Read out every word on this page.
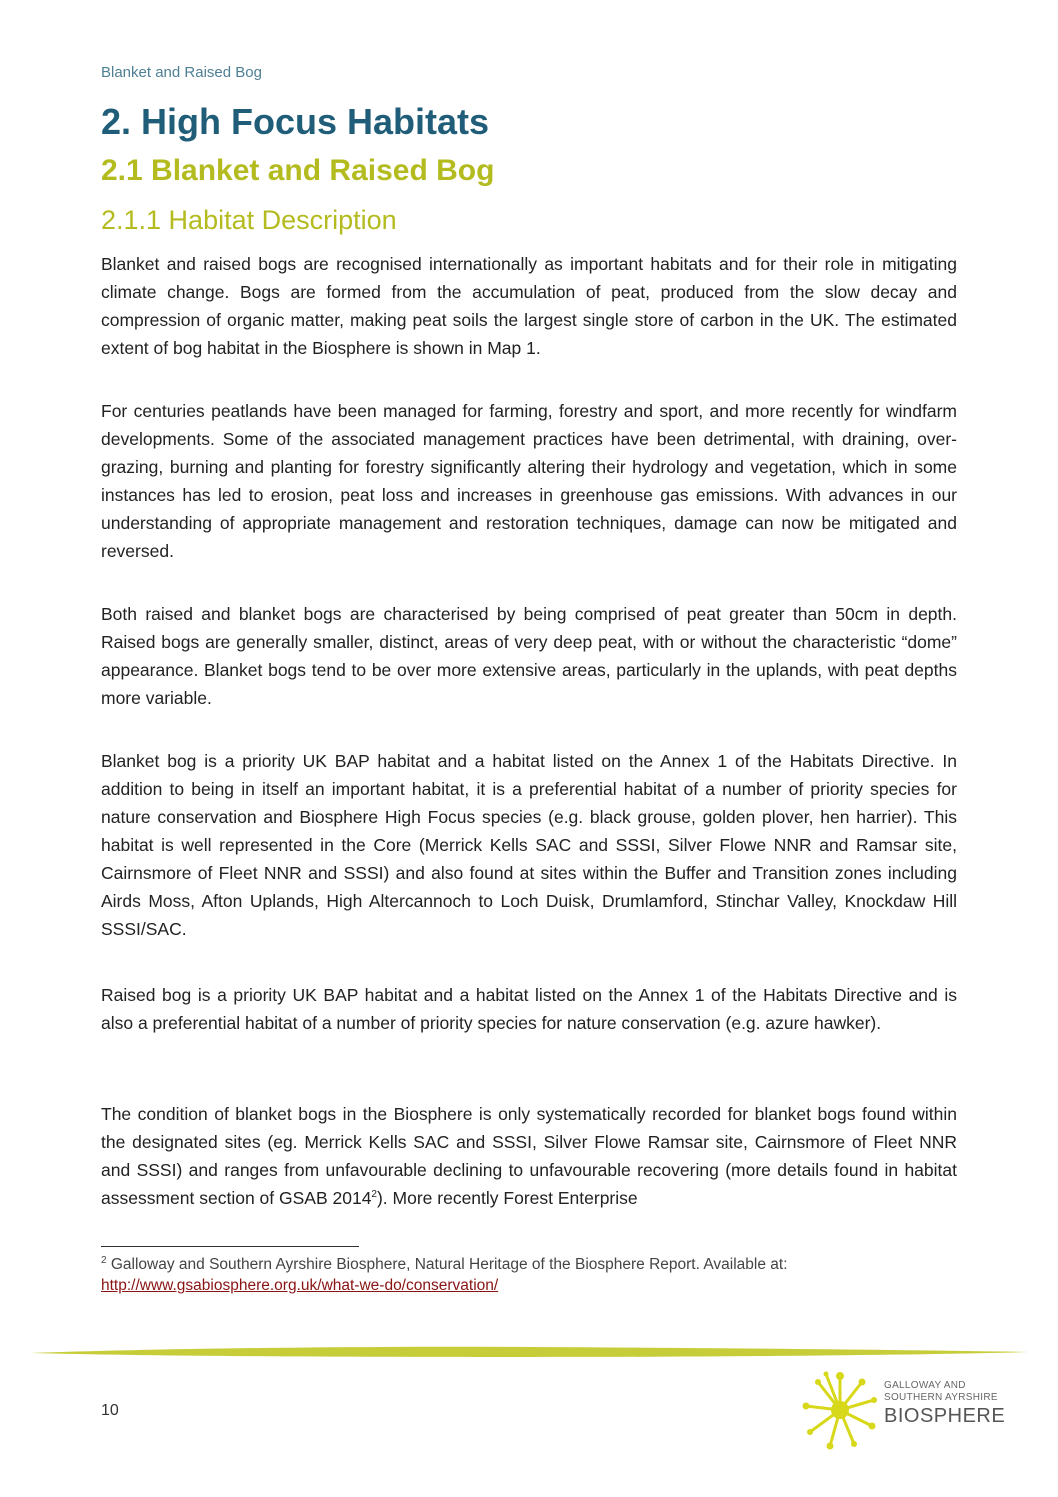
Blanket and Raised Bog
2. High Focus Habitats
2.1 Blanket and Raised Bog
2.1.1 Habitat Description

Blanket and raised bogs are recognised internationally as important habitats and for their role in mitigating climate change. Bogs are formed from the accumulation of peat, produced from the slow decay and compression of organic matter, making peat soils the largest single store of carbon in the UK. The estimated extent of bog habitat in the Biosphere is shown in Map 1.

For centuries peatlands have been managed for farming, forestry and sport, and more recently for windfarm developments. Some of the associated management practices have been detrimental, with draining, over-grazing, burning and planting for forestry significantly altering their hydrology and vegetation, which in some instances has led to erosion, peat loss and increases in greenhouse gas emissions. With advances in our understanding of appropriate management and restoration techniques, damage can now be mitigated and reversed.

Both raised and blanket bogs are characterised by being comprised of peat greater than 50cm in depth. Raised bogs are generally smaller, distinct, areas of very deep peat, with or without the characteristic “dome” appearance. Blanket bogs tend to be over more extensive areas, particularly in the uplands, with peat depths more variable.

Blanket bog is a priority UK BAP habitat and a habitat listed on the Annex 1 of the Habitats Directive. In addition to being in itself an important habitat, it is a preferential habitat of a number of priority species for nature conservation and Biosphere High Focus species (e.g. black grouse, golden plover, hen harrier). This habitat is well represented in the Core (Merrick Kells SAC and SSSI, Silver Flowe NNR and Ramsar site, Cairnsmore of Fleet NNR and SSSI) and also found at sites within the Buffer and Transition zones including Airds Moss, Afton Uplands, High Altercannoch to Loch Duisk, Drumlamford, Stinchar Valley, Knockdaw Hill SSSI/SAC.

Raised bog is a priority UK BAP habitat and a habitat listed on the Annex 1 of the Habitats Directive and is also a preferential habitat of a number of priority species for nature conservation (e.g. azure hawker).

The condition of blanket bogs in the Biosphere is only systematically recorded for blanket bogs found within the designated sites (eg. Merrick Kells SAC and SSSI, Silver Flowe Ramsar site, Cairnsmore of Fleet NNR and SSSI) and ranges from unfavourable declining to unfavourable recovering (more details found in habitat assessment section of GSAB 2014$^2$). More recently Forest Enterprise

$^2$ Galloway and Southern Ayrshire Biosphere, Natural Heritage of the Biosphere Report. Available at:
http://www.gsabiosphere.org.uk/what-we-do/conservation/
10
GALLOWAY AND
SOUTHERN AYRSHIRE
BIOSPHERE
